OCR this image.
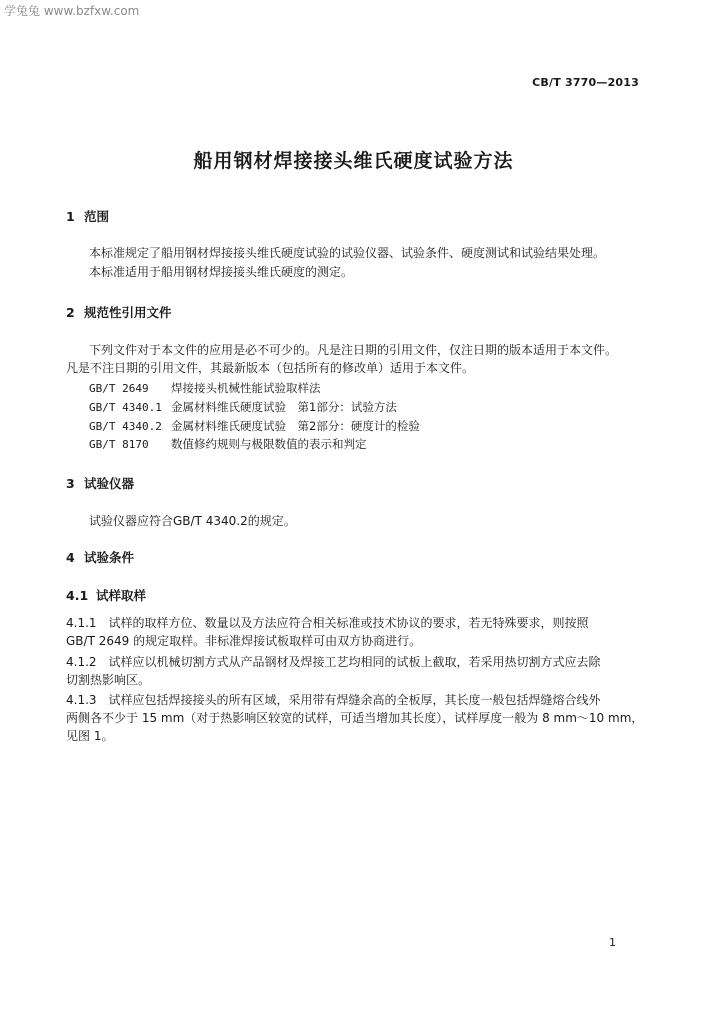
学兔兔 www.bzfxw.com
CB/T 3770—2013
船用钢材焊接接头维氏硬度试验方法
1 范围
本标准规定了船用钢材焊接接头维氏硬度试验的试验仪器、试验条件、硬度测试和试验结果处理。
本标准适用于船用钢材焊接接头维氏硬度的测定。
2 规范性引用文件
下列文件对于本文件的应用是必不可少的。凡是注日期的引用文件，仅注日期的版本适用于本文件。
凡是不注日期的引用文件，其最新版本（包括所有的修改单）适用于本文件。
GB/T 2649 焊接接头机械性能试验取样法
GB/T 4340.1 金属材料维氏硬度试验　第1部分：试验方法
GB/T 4340.2 金属材料维氏硬度试验　第2部分：硬度计的检验
GB/T 8170 数值修约规则与极限数值的表示和判定
3 试验仪器
试验仪器应符合GB/T 4340.2的规定。
4 试验条件
4.1 试样取样
4.1.1　试样的取样方位、数量以及方法应符合相关标准或技术协议的要求，若无特殊要求，则按照
GB/T 2649 的规定取样。非标准焊接试板取样可由双方协商进行。
4.1.2　试样应以机械切割方式从产品钢材及焊接工艺均相同的试板上截取，若采用热切割方式应去除
切割热影响区。
4.1.3　试样应包括焊接接头的所有区域，采用带有焊缝余高的全板厚，其长度一般包括焊缝熔合线外
两侧各不少于 15 mm（对于热影响区较宽的试样，可适当增加其长度），试样厚度一般为 8 mm～10 mm，
见图 1。
1
